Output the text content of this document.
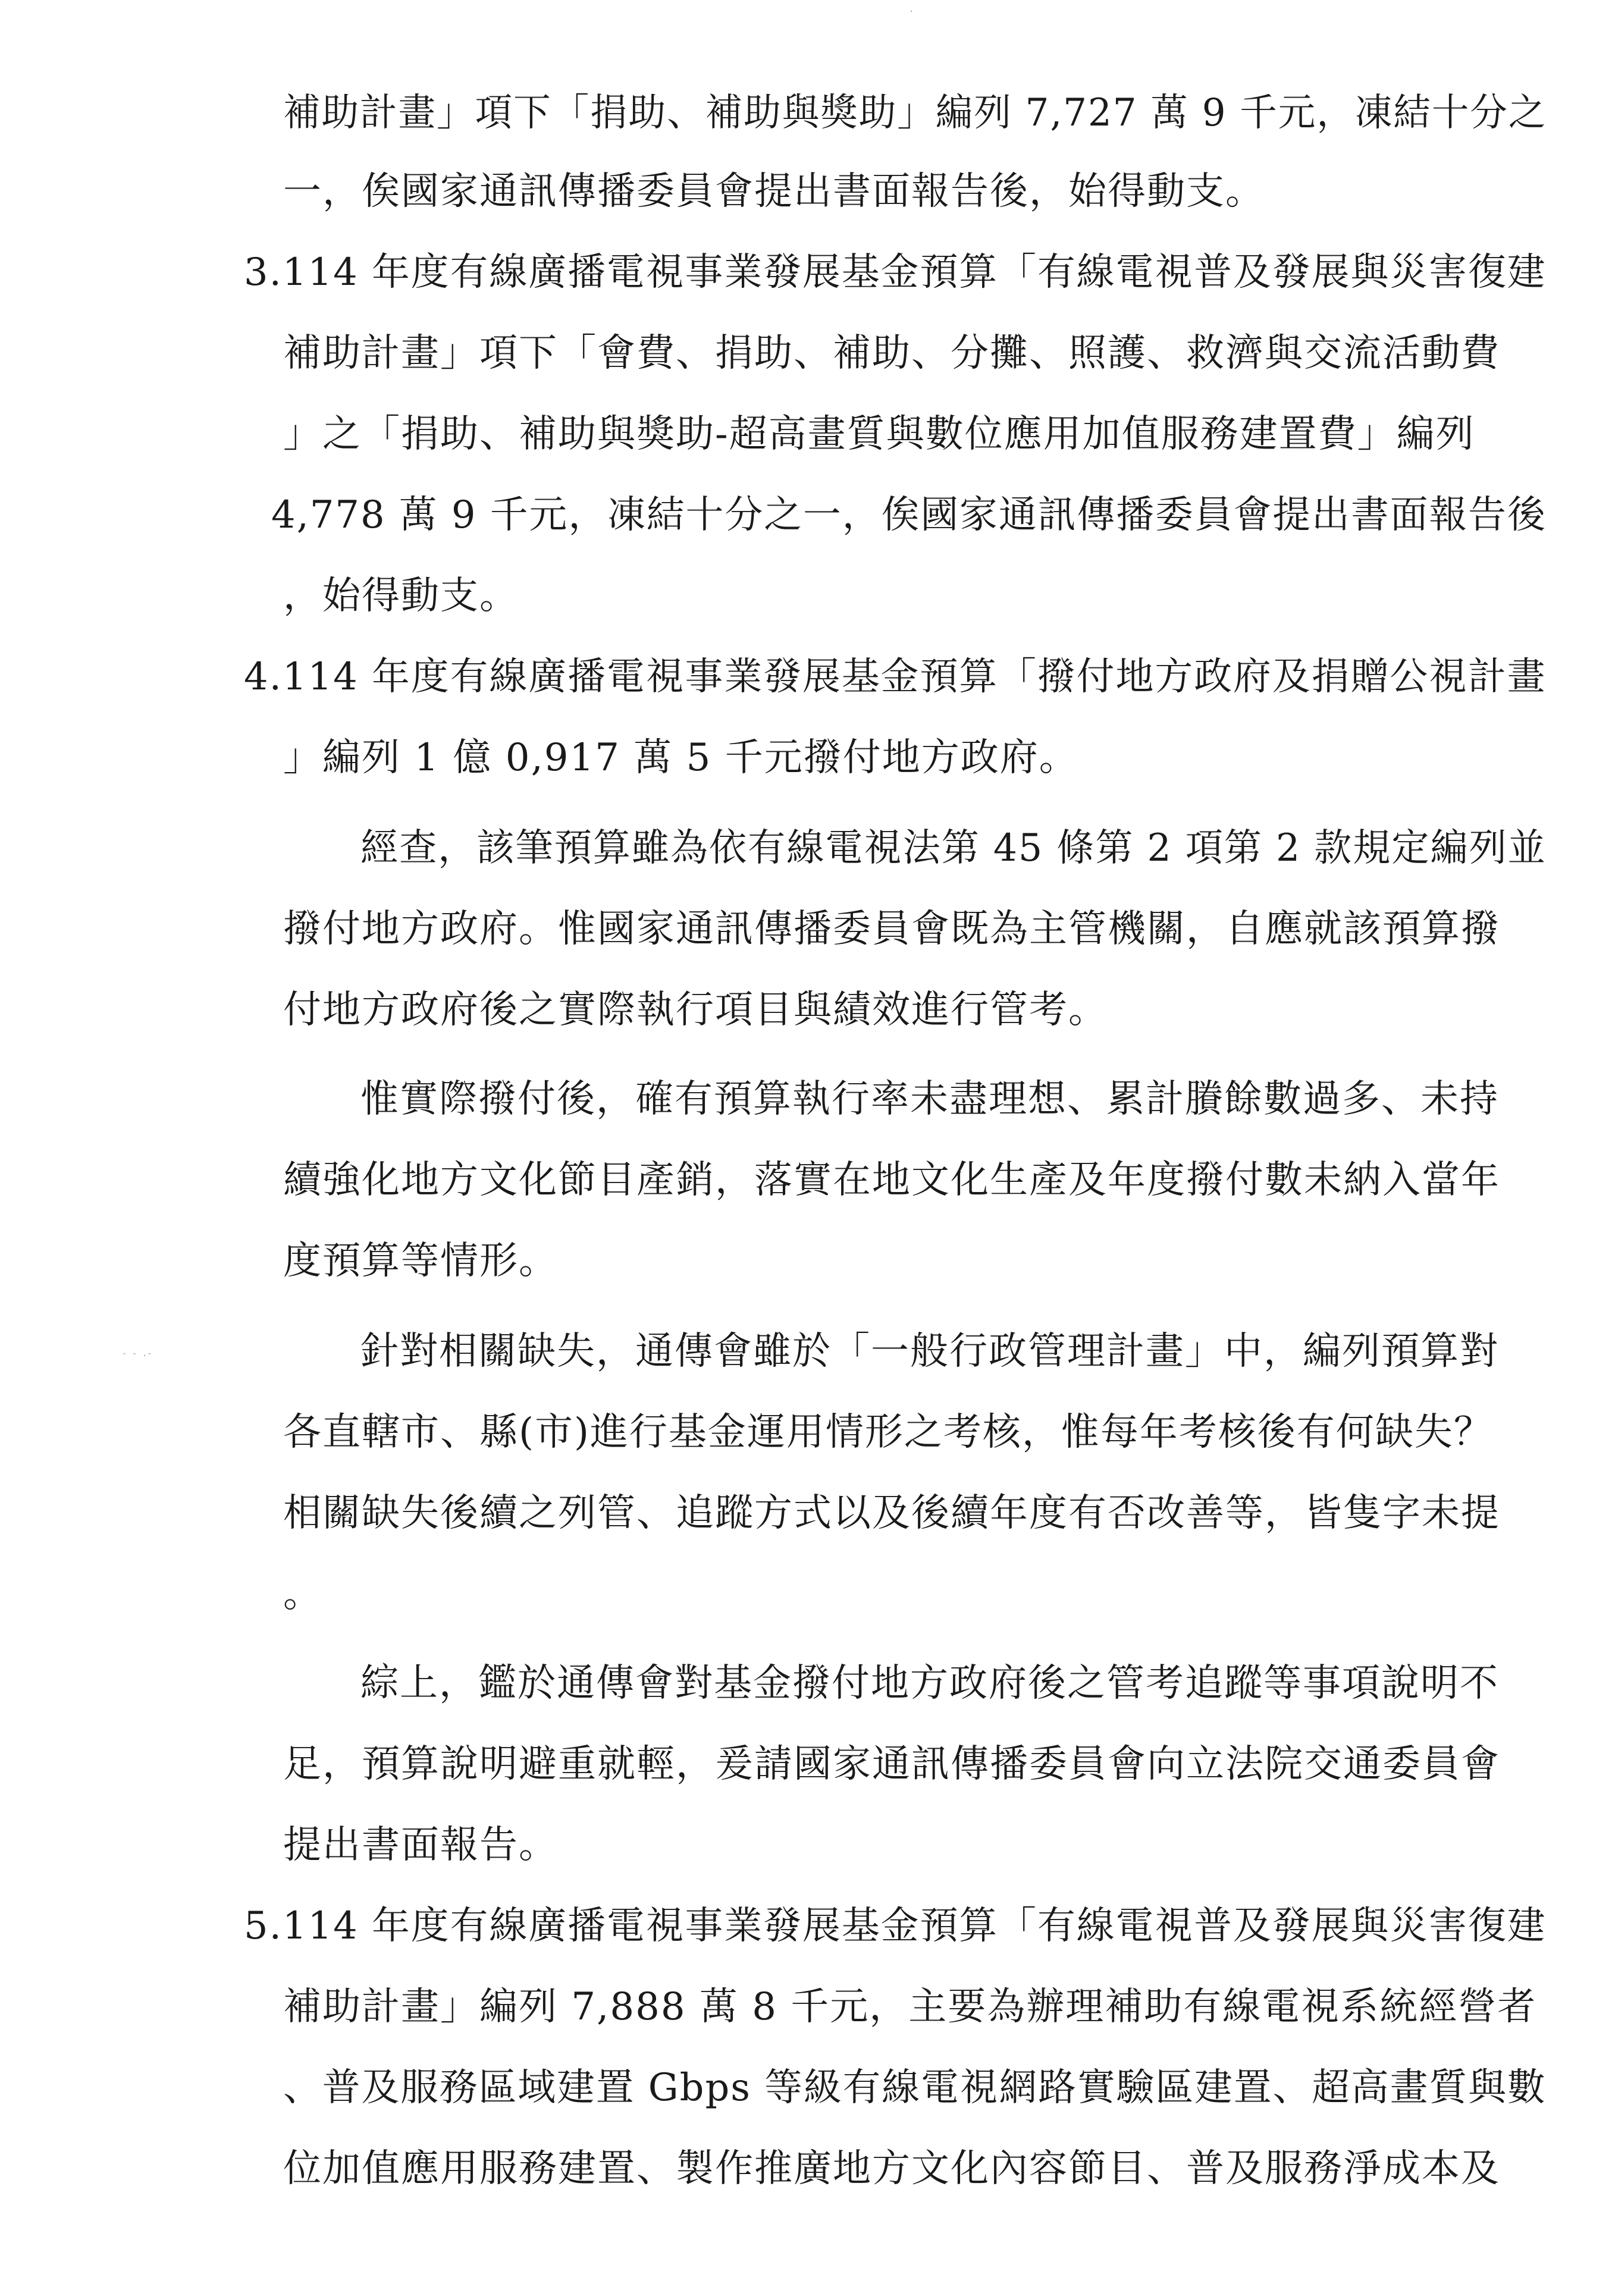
·
- - .-
補助計畫」項下「捐助、補助與獎助」編列 7,727 萬 9 千元，凍結十分之
一，俟國家通訊傳播委員會提出書面報告後，始得動支。
3.114 年度有線廣播電視事業發展基金預算「有線電視普及發展與災害復建
補助計畫」項下「會費、捐助、補助、分攤、照護、救濟與交流活動費
」之「捐助、補助與獎助-超高畫質與數位應用加值服務建置費」編列
4,778 萬 9 千元，凍結十分之一，俟國家通訊傳播委員會提出書面報告後
，始得動支。
4.114 年度有線廣播電視事業發展基金預算「撥付地方政府及捐贈公視計畫
」編列 1 億 0,917 萬 5 千元撥付地方政府。
經查，該筆預算雖為依有線電視法第 45 條第 2 項第 2 款規定編列並
撥付地方政府。惟國家通訊傳播委員會既為主管機關，自應就該預算撥
付地方政府後之實際執行項目與績效進行管考。
惟實際撥付後，確有預算執行率未盡理想、累計賸餘數過多、未持
續強化地方文化節目產銷，落實在地文化生產及年度撥付數未納入當年
度預算等情形。
針對相關缺失，通傳會雖於「一般行政管理計畫」中，編列預算對
各直轄市、縣(市)進行基金運用情形之考核，惟每年考核後有何缺失？
相關缺失後續之列管、追蹤方式以及後續年度有否改善等，皆隻字未提
。
綜上，鑑於通傳會對基金撥付地方政府後之管考追蹤等事項說明不
足，預算說明避重就輕，爰請國家通訊傳播委員會向立法院交通委員會
提出書面報告。
5.114 年度有線廣播電視事業發展基金預算「有線電視普及發展與災害復建
補助計畫」編列 7,888 萬 8 千元，主要為辦理補助有線電視系統經營者
、普及服務區域建置 Gbps 等級有線電視網路實驗區建置、超高畫質與數
位加值應用服務建置、製作推廣地方文化內容節目、普及服務淨成本及
